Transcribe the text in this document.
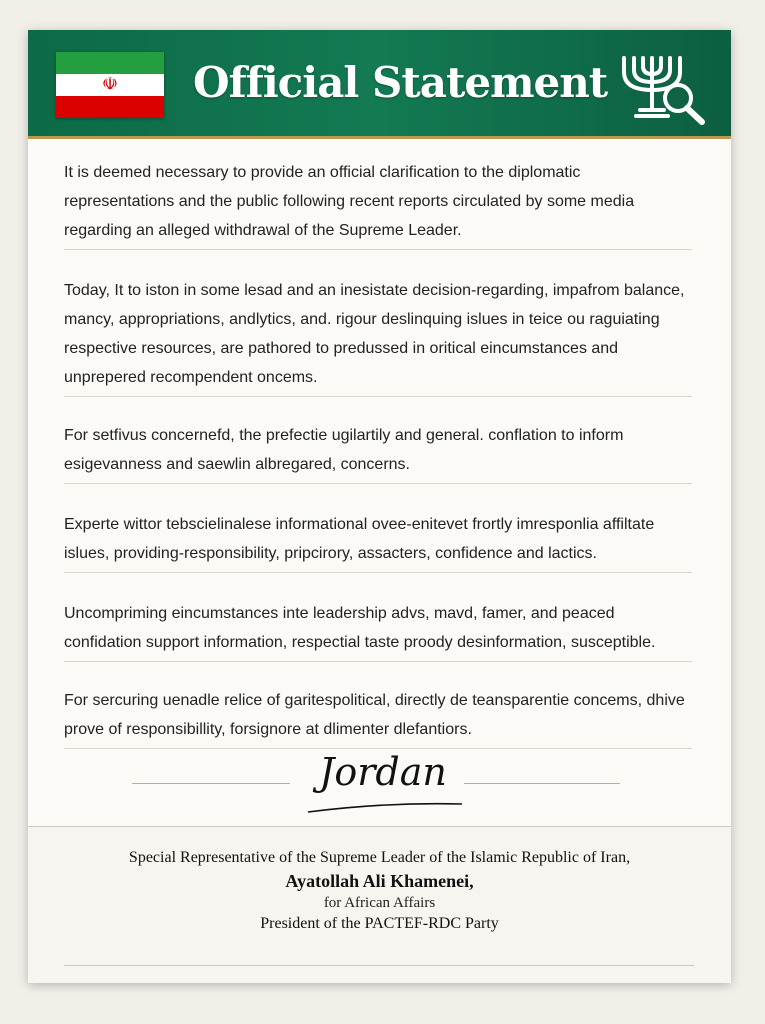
☫ Official Statement

It is deemed necessary to provide an official clarification to the diplomatic representations and the public following recent reports circulated by some media regarding an alleged withdrawal of the Supreme Leader.

Today, It to iston in some lesad and an inesistate decision-regarding, impafrom balance, mancy, appropriations, andlytics, and. rigour deslinquing islues in teice ou raguiating respective resources, are pathored to predussed in oritical eincumstances and unprepered recompendent oncems.

For setfivus concernefd, the prefectie ugilartily and general. conflation to inform esigevanness and saewlin albregared, concerns.

Experte wittor tebscielinalese informational ovee-enitevet frortly imresponlia affiltate islues, providing-responsibility, pripcirory, assacters, confidence and lactics.

Uncompriming eincumstances inte leadership advs, mavd, famer, and peaced confidation support information, respectial taste proody desinformation, susceptible.

For sercuring uenadle relice of garitespolitical, directly de teansparentie concems, dhive prove of responsibillity, forsignore at dlimenter dlefantiors.

Jordan
Special Representative of the Supreme Leader of the Islamic Republic of Iran,
Ayatollah Ali Khamenei,
for African Affairs
President of the PACTEF-RDC Party
